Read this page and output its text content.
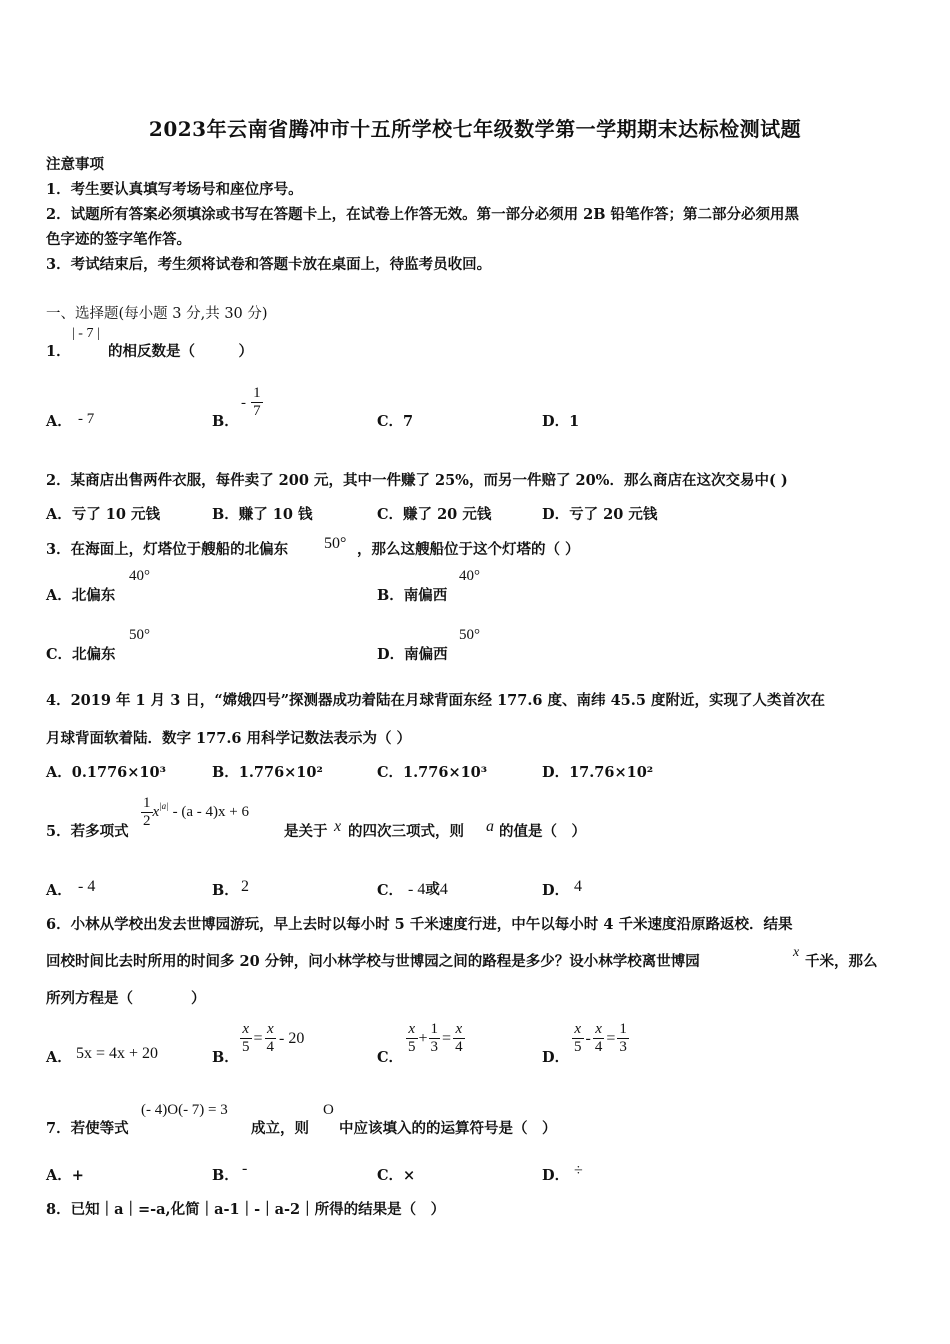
2023年云南省腾冲市十五所学校七年级数学第一学期期末达标检测试题
注意事项
1．考生要认真填写考场号和座位序号。
2．试题所有答案必须填涂或书写在答题卡上，在试卷上作答无效。第一部分必须用 2B 铅笔作答；第二部分必须用黑
色字迹的签字笔作答。
3．考试结束后，考生须将试卷和答题卡放在桌面上，待监考员收回。
一、选择题(每小题 3 分,共 30 分)
1．
| - 7 |
的相反数是（　　　）
A． - 7	B．
- $\frac{1}{7}$
C．7	D．1
2．某商店出售两件衣服，每件卖了 200 元，其中一件赚了 25%，而另一件赔了 20%．那么商店在这次交易中( )
A．亏了 10 元钱	B．赚了 10 钱	C．赚了 20 元钱	D．亏了 20 元钱
3．在海面上，灯塔位于艘船的北偏东 50° ，那么这艘船位于这个灯塔的（ ）
A．北偏东
40°
B．南偏西
40°
C．北偏东
50°
D．南偏西
50°
4．2019 年 1 月 3 日，“嫦娥四号”探测器成功着陆在月球背面东经 177.6 度、南纬 45.5 度附近，实现了人类首次在
月球背面软着陆．数字 177.6 用科学记数法表示为（ ）
A．0.1776×10³	B．1.776×10²	C．1.776×10³	D．17.76×10²
5．若多项式
$\frac{1}{2} x^{|a|} - (a - 4)x + 6$
是关于 x 的四次三项式，则 a 的值是（　）
A． - 4	B． 2	C． - 4或4	D． 4
6．小林从学校出发去世博园游玩，早上去时以每小时 5 千米速度行进，中午以每小时 4 千米速度沿原路返校．结果
回校时间比去时所用的时间多 20 分钟，问小林学校与世博园之间的路程是多少？设小林学校离世博园
x
千米，那么
所列方程是（　　　　）
A． 5x = 4x + 20	B．
$\frac{x}{5} = \frac{x}{4} - 20$
C．
$\frac{x}{5} + \frac{1}{3} = \frac{x}{4}$
D．
$\frac{x}{5} - \frac{x}{4} = \frac{1}{3}$
7．若使等式
(- 4)O(- 7) = 3
成立，则
O
中应该填入的的运算符号是（　）
A．+	B． -	C．×	D． ÷
8．已知｜a｜=-a,化简｜a-1｜-｜a-2｜所得的结果是（　）
